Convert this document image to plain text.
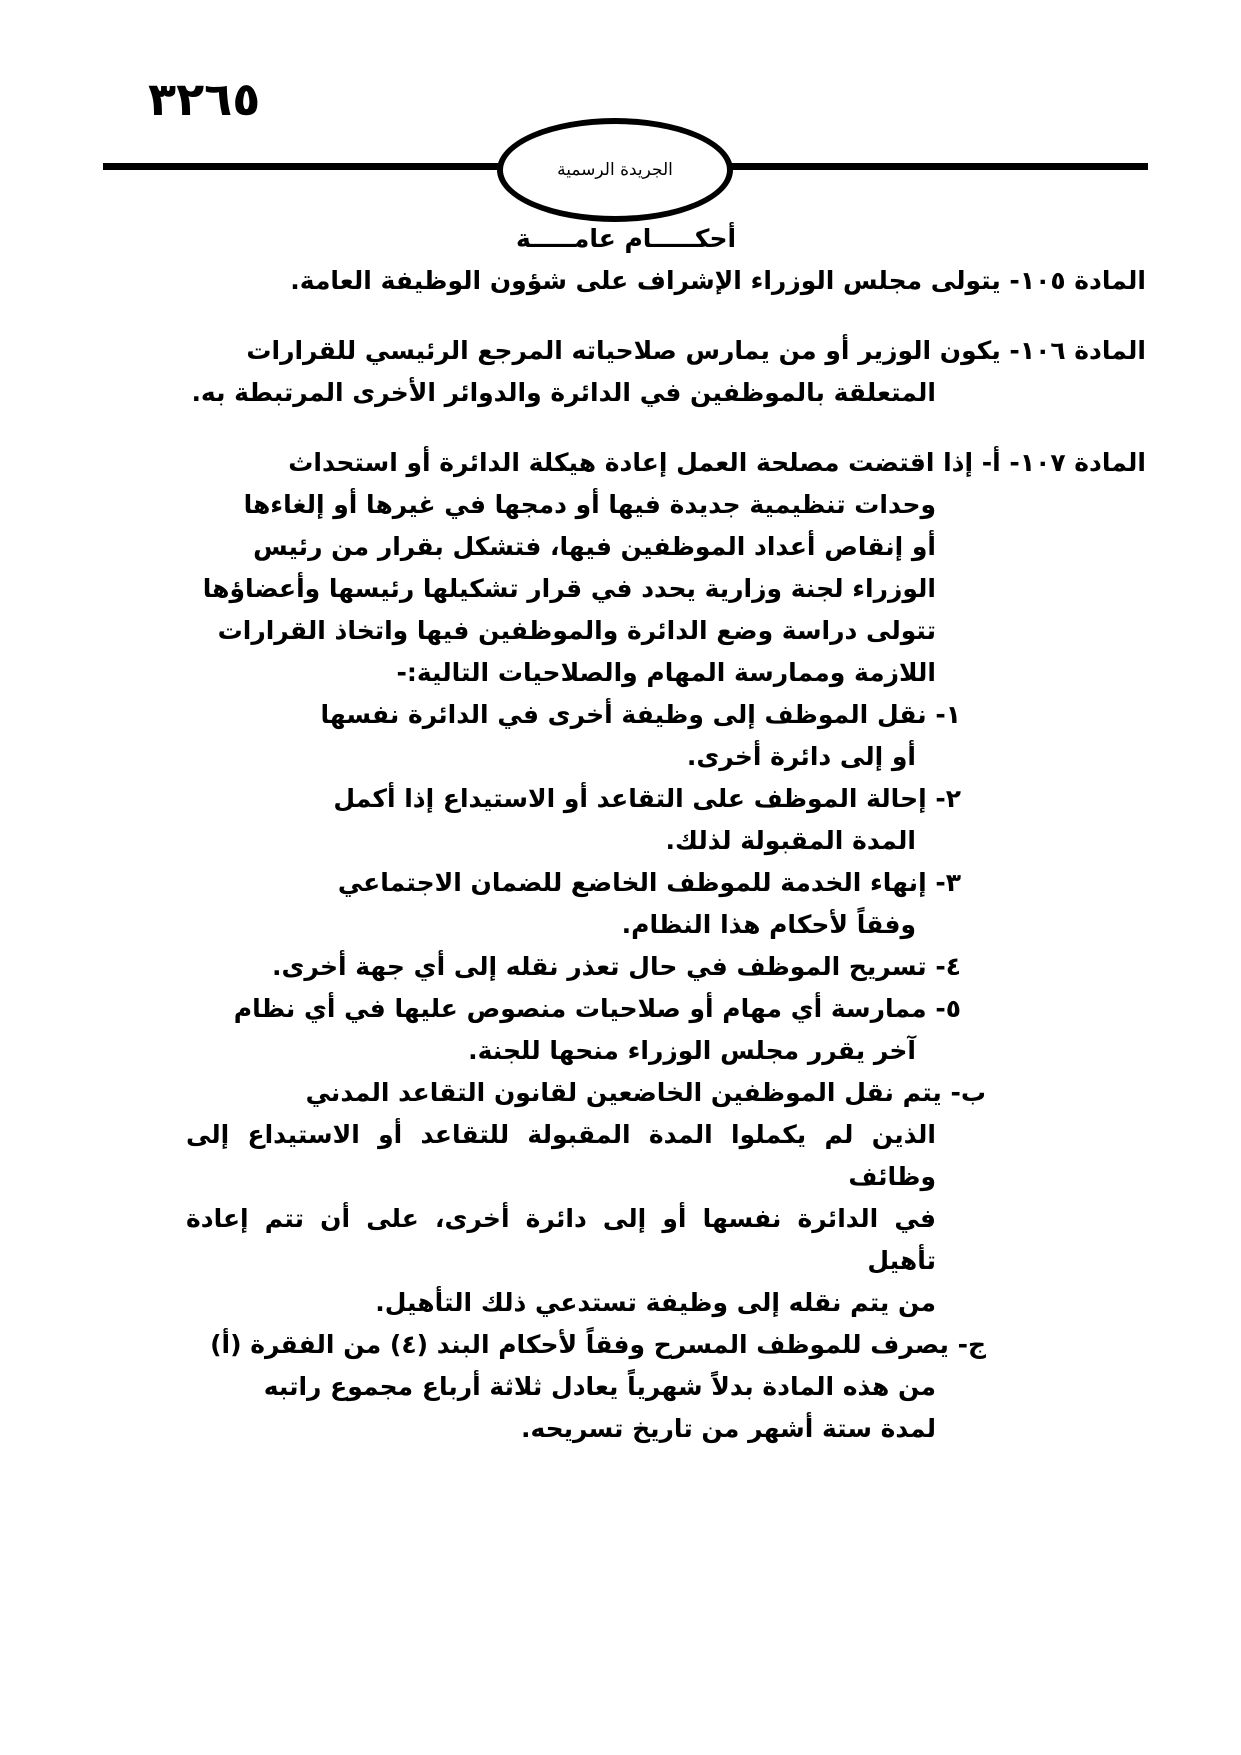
٣٢٦٥
الجريدة الرسمية

أحكـــــام عامـــــة

المادة ١٠٥- يتولى مجلس الوزراء الإشراف على شؤون الوظيفة العامة.

المادة ١٠٦- يكون الوزير أو من يمارس صلاحياته المرجع الرئيسي للقرارات

المتعلقة بالموظفين في الدائرة والدوائر الأخرى المرتبطة به.

المادة ١٠٧- أ- إذا اقتضت مصلحة العمل إعادة هيكلة الدائرة أو استحداث

وحدات تنظيمية جديدة فيها أو دمجها في غيرها أو إلغاءها

أو إنقاص أعداد الموظفين فيها، فتشكل بقرار من رئيس

الوزراء لجنة وزارية يحدد في قرار تشكيلها رئيسها وأعضاؤها

تتولى دراسة وضع الدائرة والموظفين فيها واتخاذ القرارات

اللازمة وممارسة المهام والصلاحيات التالية:-

١- نقل الموظف إلى وظيفة أخرى في الدائرة نفسها

أو إلى دائرة أخرى.

٢- إحالة الموظف على التقاعد أو الاستيداع إذا أكمل

المدة المقبولة لذلك.

٣- إنهاء الخدمة للموظف الخاضع للضمان الاجتماعي

وفقاً لأحكام هذا النظام.

٤- تسريح الموظف في حال تعذر نقله إلى أي جهة أخرى.

٥- ممارسة أي مهام أو صلاحيات منصوص عليها في أي نظام

آخر يقرر مجلس الوزراء منحها للجنة.

ب- يتم نقل الموظفين الخاضعين لقانون التقاعد المدني

الذين لم يكملوا المدة المقبولة للتقاعد أو الاستيداع إلى وظائف

في الدائرة نفسها أو إلى دائرة أخرى، على أن تتم إعادة تأهيل

من يتم نقله إلى وظيفة تستدعي ذلك التأهيل.

ج- يصرف للموظف المسرح وفقاً لأحكام البند (٤) من الفقرة (أ)

من هذه المادة بدلاً شهرياً يعادل ثلاثة أرباع مجموع راتبه

لمدة ستة أشهر من تاريخ تسريحه.
